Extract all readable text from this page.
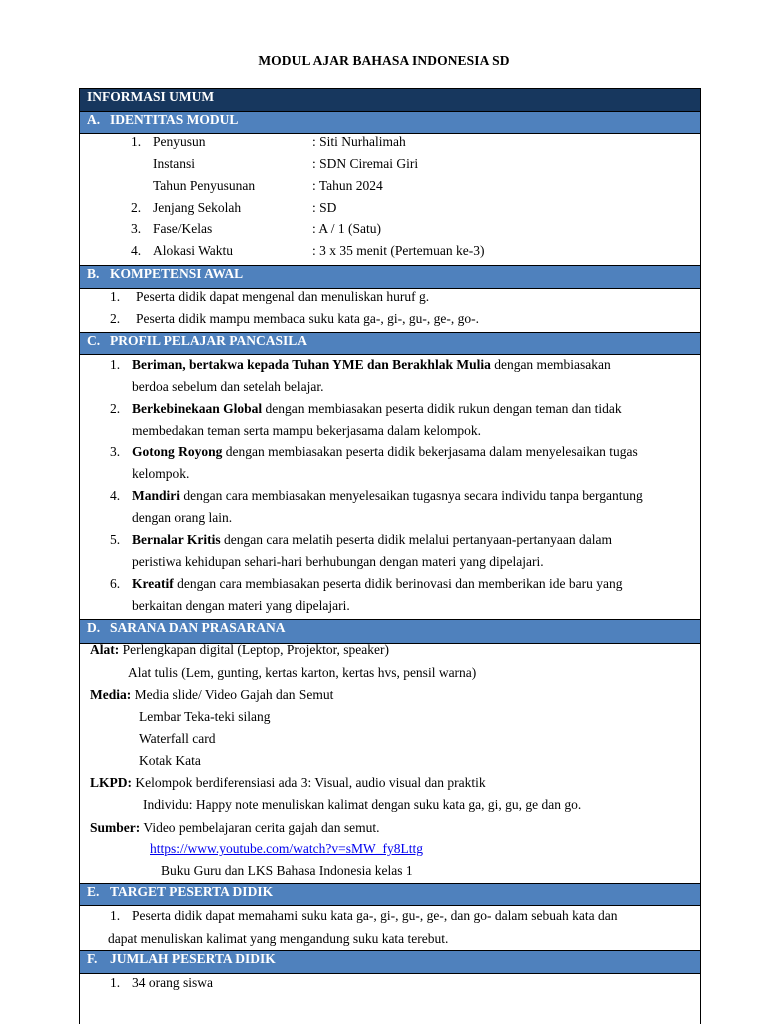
MODUL AJAR BAHASA INDONESIA SD
INFORMASI UMUM
A. IDENTITAS MODUL
1. Penyusun	: Siti Nurhalimah
Instansi	: SDN Ciremai Giri
Tahun Penyusunan	: Tahun 2024
2. Jenjang Sekolah	: SD
3. Fase/Kelas	: A / 1 (Satu)
4. Alokasi Waktu	: 3 x 35 menit (Pertemuan ke-3)
B. KOMPETENSI AWAL
1. Peserta didik dapat mengenal dan menuliskan huruf g.
2. Peserta didik mampu membaca suku kata ga-, gi-, gu-, ge-, go-.
C. PROFIL PELAJAR PANCASILA
1. Beriman, bertakwa kepada Tuhan YME dan Berakhlak Mulia dengan membiasakan
berdoa sebelum dan setelah belajar.
2. Berkebinekaan Global dengan membiasakan peserta didik rukun dengan teman dan tidak
membedakan teman serta mampu bekerjasama dalam kelompok.
3. Gotong Royong dengan membiasakan peserta didik bekerjasama dalam menyelesaikan tugas
kelompok.
4. Mandiri dengan cara membiasakan menyelesaikan tugasnya secara individu tanpa bergantung
dengan orang lain.
5. Bernalar Kritis dengan cara melatih peserta didik melalui pertanyaan-pertanyaan dalam
peristiwa kehidupan sehari-hari berhubungan dengan materi yang dipelajari.
6. Kreatif dengan cara membiasakan peserta didik berinovasi dan memberikan ide baru yang
berkaitan dengan materi yang dipelajari.
D. SARANA DAN PRASARANA
Alat: Perlengkapan digital (Leptop, Projektor, speaker)
Alat tulis (Lem, gunting, kertas karton, kertas hvs, pensil warna)
Media: Media slide/ Video Gajah dan Semut
Lembar Teka-teki silang
Waterfall card
Kotak Kata
LKPD: Kelompok berdiferensiasi ada 3: Visual, audio visual dan praktik
Individu: Happy note menuliskan kalimat dengan suku kata ga, gi, gu, ge dan go.
Sumber: Video pembelajaran cerita gajah dan semut.
https://www.youtube.com/watch?v=sMW_fy8Lttg
Buku Guru dan LKS Bahasa Indonesia kelas 1
E. TARGET PESERTA DIDIK
1. Peserta didik dapat memahami suku kata ga-, gi-, gu-, ge-, dan go- dalam sebuah kata dan
dapat menuliskan kalimat yang mengandung suku kata terebut.
F. JUMLAH PESERTA DIDIK
1. 34 orang siswa
